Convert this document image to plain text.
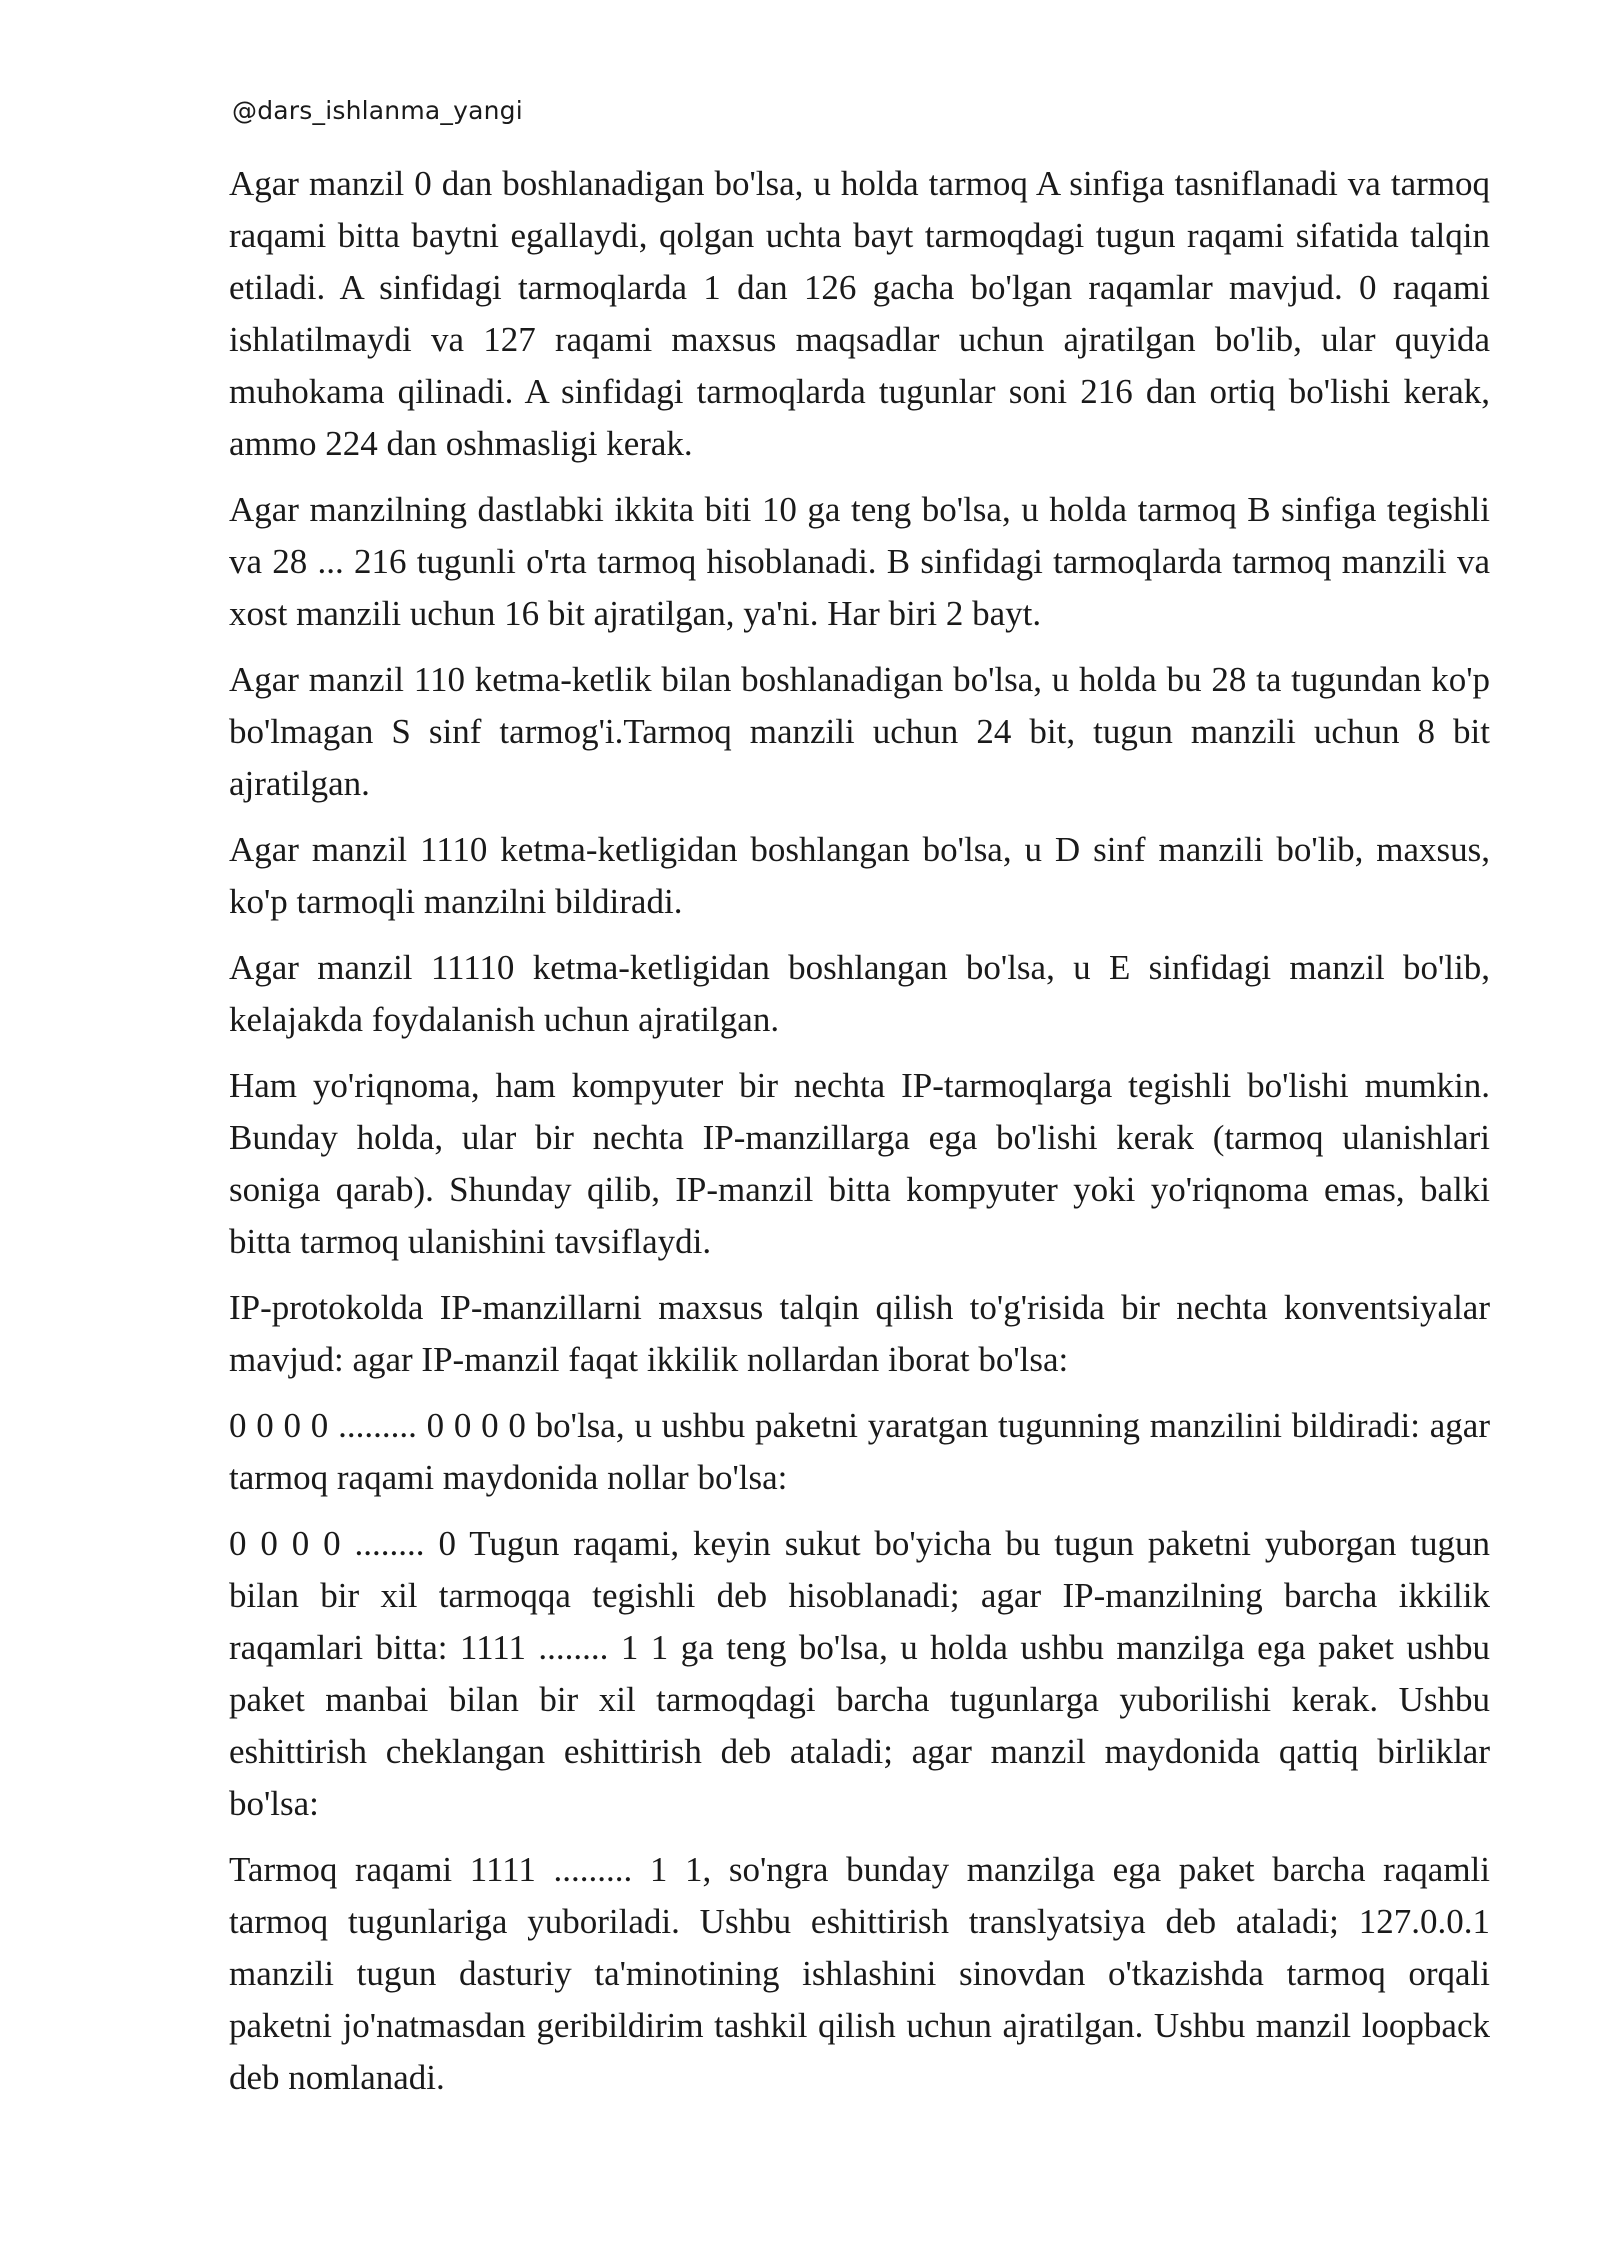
@dars_ishlanma_yangi

Agar manzil 0 dan boshlanadigan bo'lsa, u holda tarmoq A sinfiga tasniflanadi va tarmoq raqami bitta baytni egallaydi, qolgan uchta bayt tarmoqdagi tugun raqami sifatida talqin etiladi. A sinfidagi tarmoqlarda 1 dan 126 gacha bo'lgan raqamlar mavjud. 0 raqami ishlatilmaydi va 127 raqami maxsus maqsadlar uchun ajratilgan bo'lib, ular quyida muhokama qilinadi. A sinfidagi tarmoqlarda tugunlar soni 216 dan ortiq bo'lishi kerak, ammo 224 dan oshmasligi kerak.

Agar manzilning dastlabki ikkita biti 10 ga teng bo'lsa, u holda tarmoq B sinfiga tegishli va 28 ... 216 tugunli o'rta tarmoq hisoblanadi. B sinfidagi tarmoqlarda tarmoq manzili va xost manzili uchun 16 bit ajratilgan, ya'ni. Har biri 2 bayt.

Agar manzil 110 ketma-ketlik bilan boshlanadigan bo'lsa, u holda bu 28 ta tugundan ko'p bo'lmagan S sinf tarmog'i.Tarmoq manzili uchun 24 bit, tugun manzili uchun 8 bit ajratilgan.

Agar manzil 1110 ketma-ketligidan boshlangan bo'lsa, u D sinf manzili bo'lib, maxsus, ko'p tarmoqli manzilni bildiradi.

Agar manzil 11110 ketma-ketligidan boshlangan bo'lsa, u E sinfidagi manzil bo'lib, kelajakda foydalanish uchun ajratilgan.

Ham yo'riqnoma, ham kompyuter bir nechta IP-tarmoqlarga tegishli bo'lishi mumkin. Bunday holda, ular bir nechta IP-manzillarga ega bo'lishi kerak (tarmoq ulanishlari soniga qarab). Shunday qilib, IP-manzil bitta kompyuter yoki yo'riqnoma emas, balki bitta tarmoq ulanishini tavsiflaydi.

IP-protokolda IP-manzillarni maxsus talqin qilish to'g'risida bir nechta konventsiyalar mavjud: agar IP-manzil faqat ikkilik nollardan iborat bo'lsa:

0 0 0 0 ......... 0 0 0 0 bo'lsa, u ushbu paketni yaratgan tugunning manzilini bildiradi: agar tarmoq raqami maydonida nollar bo'lsa:

0 0 0 0 ........ 0 Tugun raqami, keyin sukut bo'yicha bu tugun paketni yuborgan tugun bilan bir xil tarmoqqa tegishli deb hisoblanadi; agar IP-manzilning barcha ikkilik raqamlari bitta: 1111 ........ 1 1 ga teng bo'lsa, u holda ushbu manzilga ega paket ushbu paket manbai bilan bir xil tarmoqdagi barcha tugunlarga yuborilishi kerak. Ushbu eshittirish cheklangan eshittirish deb ataladi; agar manzil maydonida qattiq birliklar bo'lsa:

Tarmoq raqami 1111 ......... 1 1, so'ngra bunday manzilga ega paket barcha raqamli tarmoq tugunlariga yuboriladi. Ushbu eshittirish translyatsiya deb ataladi; 127.0.0.1 manzili tugun dasturiy ta'minotining ishlashini sinovdan o'tkazishda tarmoq orqali paketni jo'natmasdan geribildirim tashkil qilish uchun ajratilgan. Ushbu manzil loopback deb nomlanadi.
